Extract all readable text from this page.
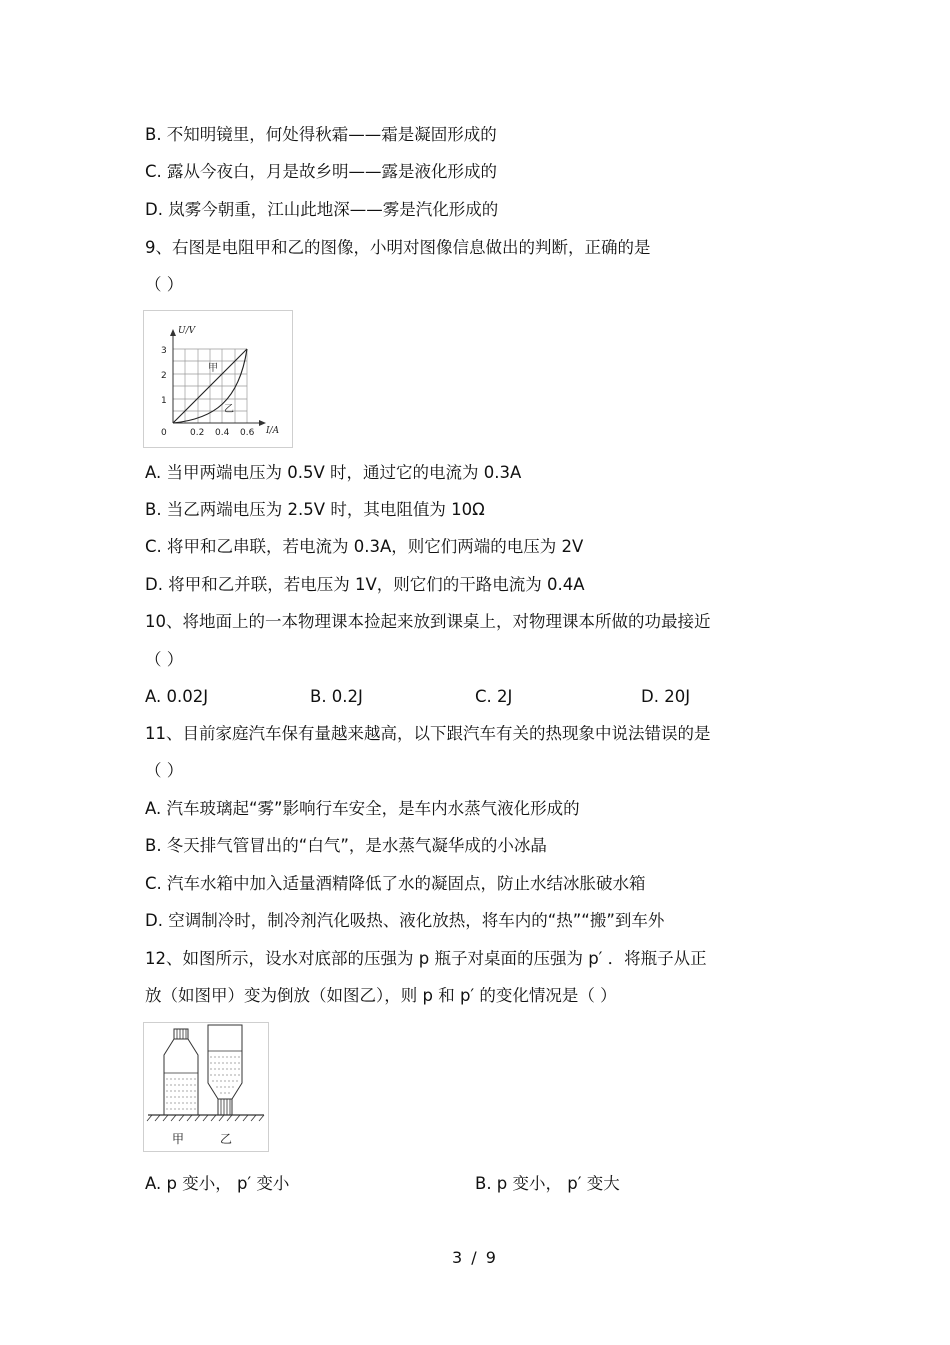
B. 不知明镜里，何处得秋霜——霜是凝固形成的
C. 露从今夜白，月是故乡明——露是液化形成的
D. 岚雾今朝重，江山此地深——雾是汽化形成的
9、右图是电阻甲和乙的图像，小明对图像信息做出的判断，正确的是
（ ）
U/V
I/A
3
2
1
0	0.2 0.4 0.6
甲
乙
A. 当甲两端电压为 0.5V 时，通过它的电流为 0.3A
B. 当乙两端电压为 2.5V 时，其电阻值为 10Ω
C. 将甲和乙串联，若电流为 0.3A，则它们两端的电压为 2V
D. 将甲和乙并联，若电压为 1V，则它们的干路电流为 0.4A
10、将地面上的一本物理课本捡起来放到课桌上，对物理课本所做的功最接近
（ ）
A. 0.02J	B. 0.2J	C. 2J	D. 20J
11、目前家庭汽车保有量越来越高，以下跟汽车有关的热现象中说法错误的是
（ ）
A. 汽车玻璃起“雾”影响行车安全，是车内水蒸气液化形成的
B. 冬天排气管冒出的“白气”，是水蒸气凝华成的小冰晶
C. 汽车水箱中加入适量酒精降低了水的凝固点，防止水结冰胀破水箱
D. 空调制冷时，制冷剂汽化吸热、液化放热，将车内的“热”“搬”到车外
12、如图所示，设水对底部的压强为 p 瓶子对桌面的压强为 p′ ．将瓶子从正
放（如图甲）变为倒放（如图乙），则 p 和 p′ 的变化情况是（ ）
甲	乙
A. p 变小， p′ 变小	B. p 变小， p′ 变大
3 / 9
